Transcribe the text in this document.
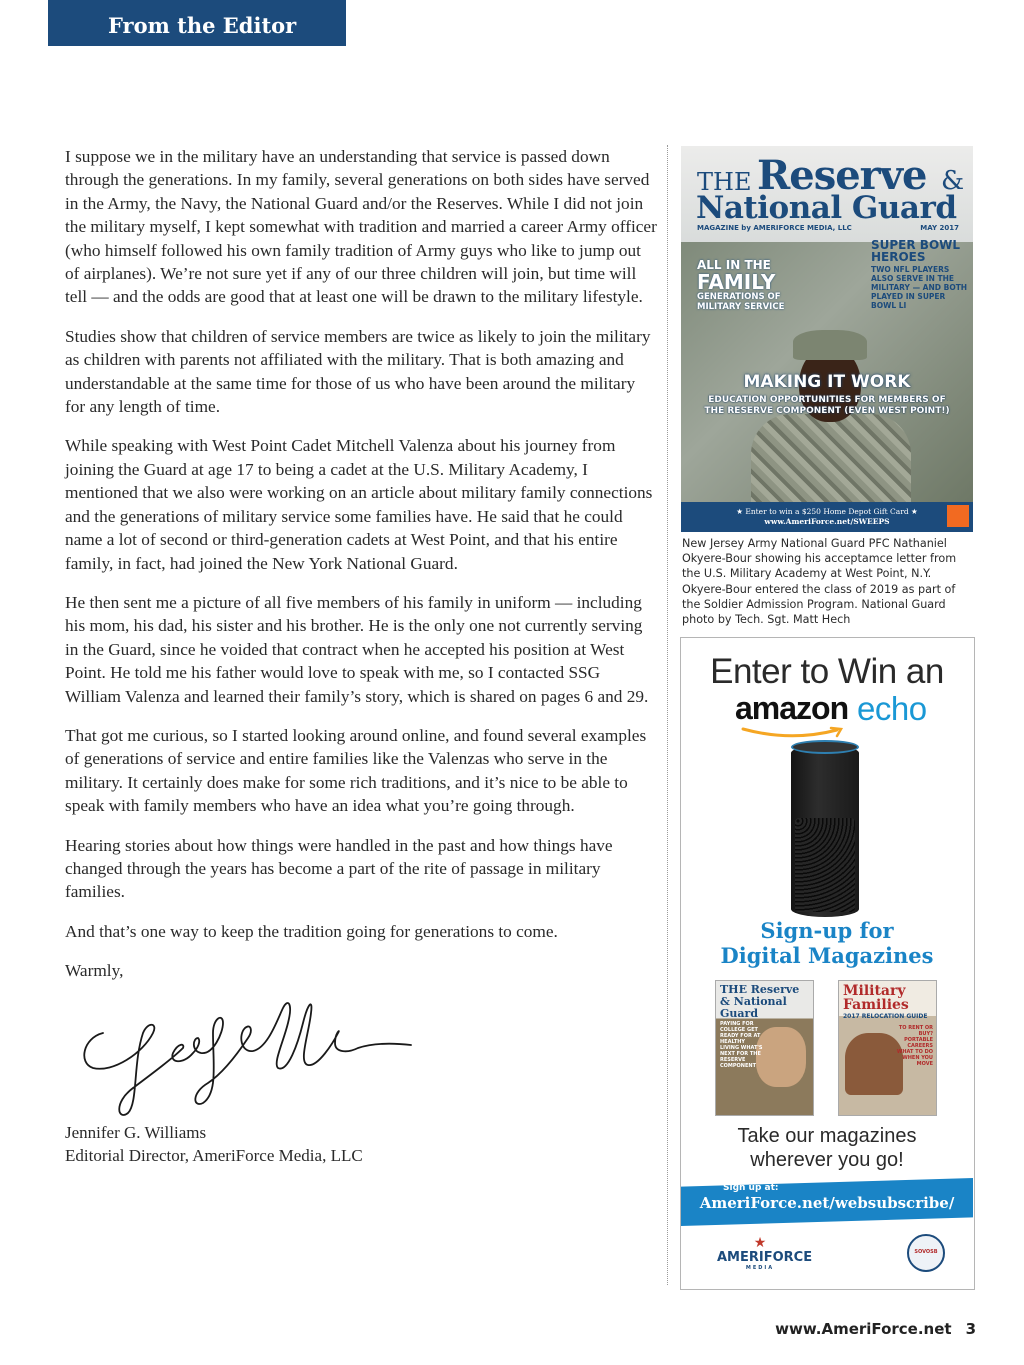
From the Editor

I suppose we in the military have an understanding that service is passed down through the generations. In my family, several generations on both sides have served in the Army, the Navy, the National Guard and/or the Reserves. While I did not join the military myself, I kept somewhat with tradition and married a career Army officer (who himself followed his own family tradition of Army guys who like to jump out of airplanes). We’re not sure yet if any of our three children will join, but time will tell — and the odds are good that at least one will be drawn to the military lifestyle.

Studies show that children of service members are twice as likely to join the military as children with parents not affiliated with the military. That is both amazing and understandable at the same time for those of us who have been around the military for any length of time.

While speaking with West Point Cadet Mitchell Valenza about his journey from joining the Guard at age 17 to being a cadet at the U.S. Military Academy, I mentioned that we also were working on an article about military family connections and the generations of military service some families have. He said that he could name a lot of second or third-generation cadets at West Point, and that his entire family, in fact, had joined the New York National Guard.

He then sent me a picture of all five members of his family in uniform — including his mom, his dad, his sister and his brother. He is the only one not currently serving in the Guard, since he voided that contract when he accepted his position at West Point. He told me his father would love to speak with me, so I contacted SSG William Valenza and learned their family’s story, which is shared on pages 6 and 29.

That got me curious, so I started looking around online, and found several examples of generations of service and entire families like the Valenzas who serve in the military. It certainly does make for some rich traditions, and it’s nice to be able to speak with family members who have an idea what you’re going through.

Hearing stories about how things were handled in the past and how things have changed through the years has become a part of the rite of passage in military families.

And that’s one way to keep the tradition going for generations to come.

Warmly,

Jennifer G. Williams
Editorial Director, AmeriForce Media, LLC
THE Reserve &
National Guard
MAGAZINE by AMERIFORCE MEDIA, LLC	MAY 2017
ALL IN THE
FAMILY
GENERATIONS OF MILITARY SERVICE
SUPER BOWL HEROES
TWO NFL PLAYERS ALSO SERVE IN THE MILITARY — AND BOTH PLAYED IN SUPER BOWL LI
MAKING IT WORK
EDUCATION OPPORTUNITIES FOR MEMBERS OF THE RESERVE COMPONENT (EVEN WEST POINT!)
★ Enter to win a $250 Home Depot Gift Card ★
www.AmeriForce.net/SWEEPS
New Jersey Army National Guard PFC Nathaniel Okyere-Bour showing his acceptamce letter from the U.S. Military Academy at West Point, N.Y. Okyere-Bour entered the class of 2019 as part of the Soldier Admission Program. National Guard photo by Tech. Sgt. Matt Hech
Enter to Win an
amazon echo
Sign-up for
Digital Magazines
THE Reserve & National Guard
PAYING FOR COLLEGE GET READY FOR AT HEALTHY LIVING WHAT'S NEXT FOR THE RESERVE COMPONENT
Military Families
2017 RELOCATION GUIDE
TO RENT OR BUY? PORTABLE CAREERS WHAT TO DO WHEN YOU MOVE
Take our magazines
wherever you go!
Sign up at:
AmeriForce.net/websubscribe/
★
AMERIFORCE
MEDIA
SOVOSB
www.AmeriForce.net 3
